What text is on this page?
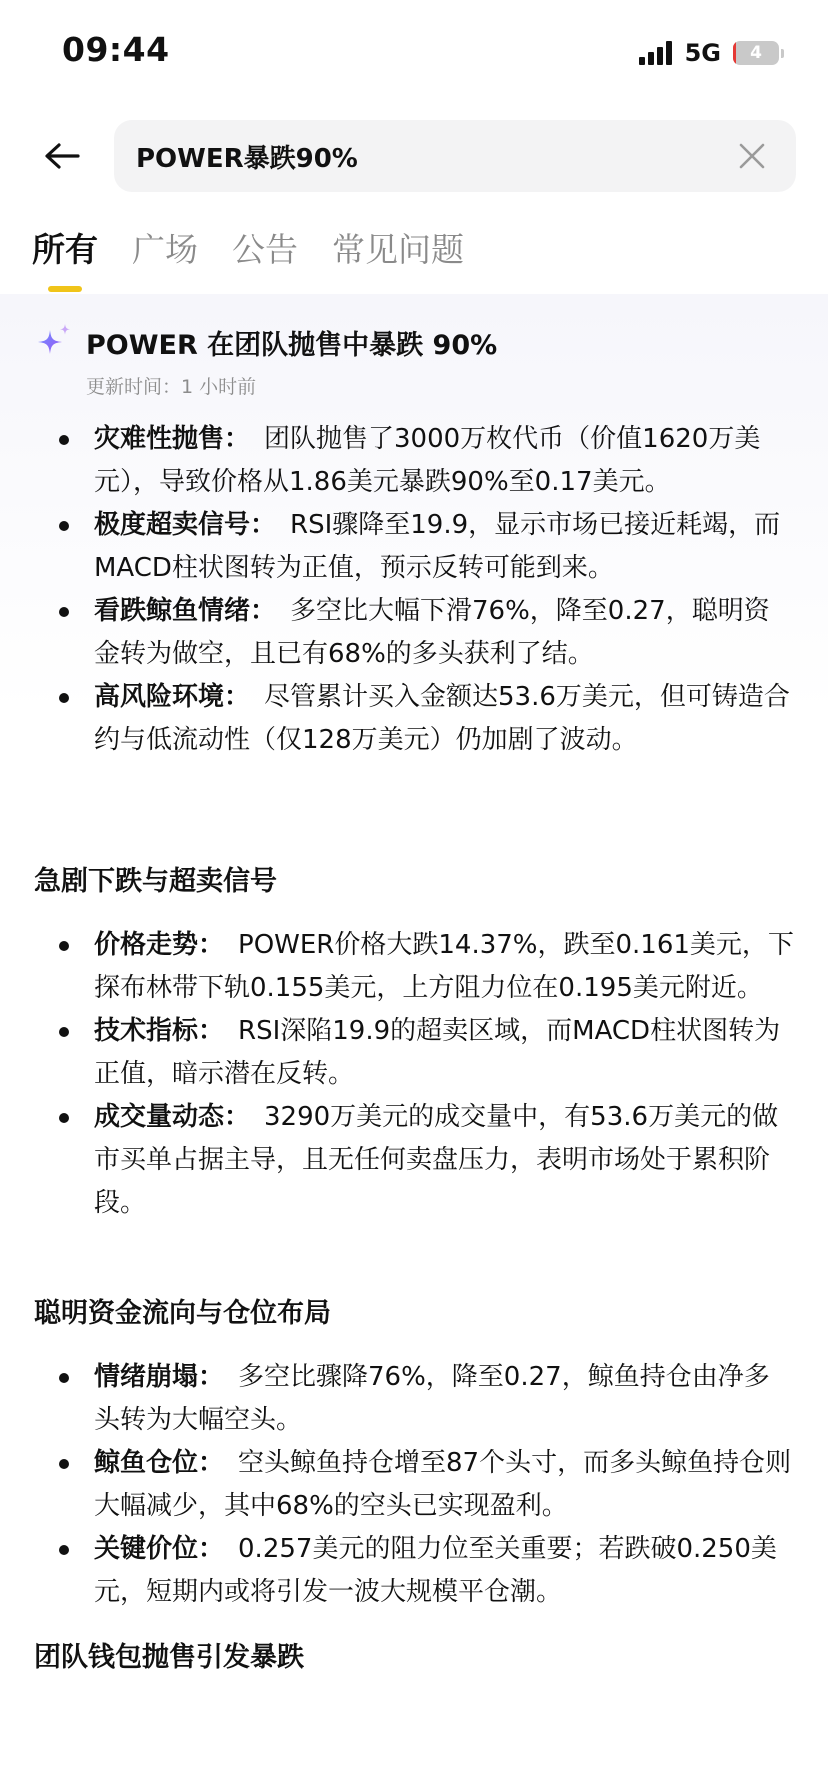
09:44	5G 4
POWER暴跌90%
所有 广场 公告 常见问题
POWER 在团队抛售中暴跌 90%
更新时间：1 小时前
灾难性抛售： 团队抛售了3000万枚代币（价值1620万美元），导致价格从1.86美元暴跌90%至0.17美元。
极度超卖信号： RSI骤降至19.9，显示市场已接近耗竭，而MACD柱状图转为正值，预示反转可能到来。
看跌鲸鱼情绪： 多空比大幅下滑76%，降至0.27，聪明资金转为做空，且已有68%的多头获利了结。
高风险环境： 尽管累计买入金额达53.6万美元，但可铸造合约与低流动性（仅128万美元）仍加剧了波动。
急剧下跌与超卖信号
价格走势： POWER价格大跌14.37%，跌至0.161美元，下探布林带下轨0.155美元，上方阻力位在0.195美元附近。
技术指标： RSI深陷19.9的超卖区域，而MACD柱状图转为正值，暗示潜在反转。
成交量动态： 3290万美元的成交量中，有53.6万美元的做市买单占据主导，且无任何卖盘压力，表明市场处于累积阶段。
聪明资金流向与仓位布局
情绪崩塌： 多空比骤降76%，降至0.27，鲸鱼持仓由净多头转为大幅空头。
鲸鱼仓位： 空头鲸鱼持仓增至87个头寸，而多头鲸鱼持仓则大幅减少，其中68%的空头已实现盈利。
关键价位： 0.257美元的阻力位至关重要；若跌破0.250美元，短期内或将引发一波大规模平仓潮。
团队钱包抛售引发暴跌
